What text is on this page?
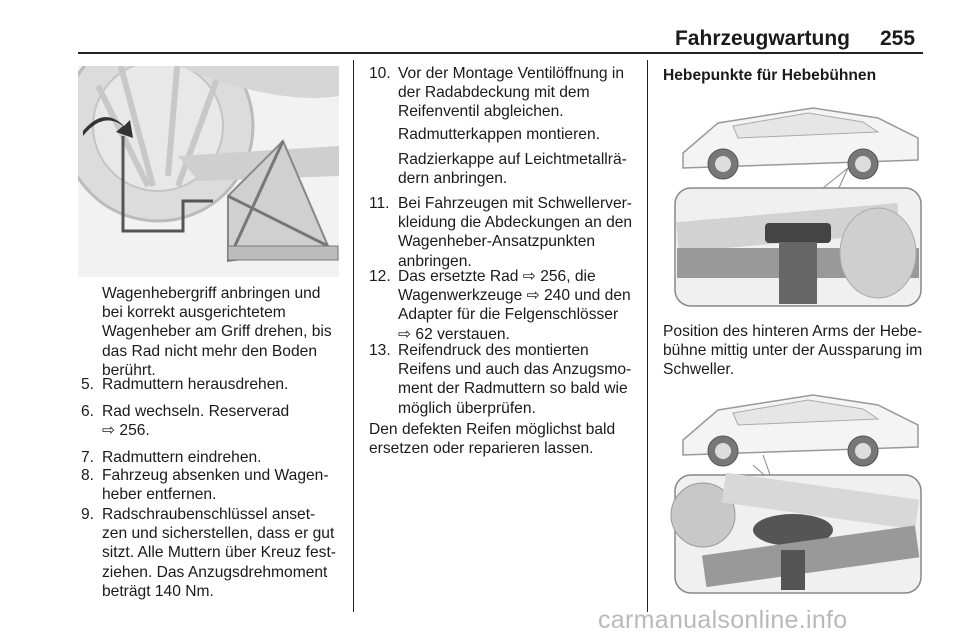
Fahrzeugwartung 255
Wagenhebergriff anbringen und bei korrekt ausgerichtetem Wagenheber am Griff drehen, bis das Rad nicht mehr den Boden berührt.
5. Radmuttern herausdrehen.
6. Rad wechseln. Reserverad
⇨ 256.
7. Radmuttern eindrehen.
8. Fahrzeug absenken und Wagen-
heber entfernen.
9. Radschraubenschlüssel anset-
zen und sicherstellen, dass er gut
sitzt. Alle Muttern über Kreuz fest-
ziehen. Das Anzugsdrehmoment
beträgt 140 Nm.
10. Vor der Montage Ventilöffnung in
der Radabdeckung mit dem
Reifenventil abgleichen.
Radmutterkappen montieren.
Radzierkappe auf Leichtmetallrä-
dern anbringen.
11. Bei Fahrzeugen mit Schwellerver-
kleidung die Abdeckungen an den
Wagenheber-Ansatzpunkten
anbringen.
12. Das ersetzte Rad ⇨ 256, die
Wagenwerkzeuge ⇨ 240 und den
Adapter für die Felgenschlösser
⇨ 62 verstauen.
13. Reifendruck des montierten
Reifens und auch das Anzugsmo-
ment der Radmuttern so bald wie
möglich überprüfen.
Den defekten Reifen möglichst bald
ersetzen oder reparieren lassen.
Hebepunkte für Hebebühnen
Position des hinteren Arms der Hebe-
bühne mittig unter der Aussparung im
Schweller.
carmanualsonline.info
